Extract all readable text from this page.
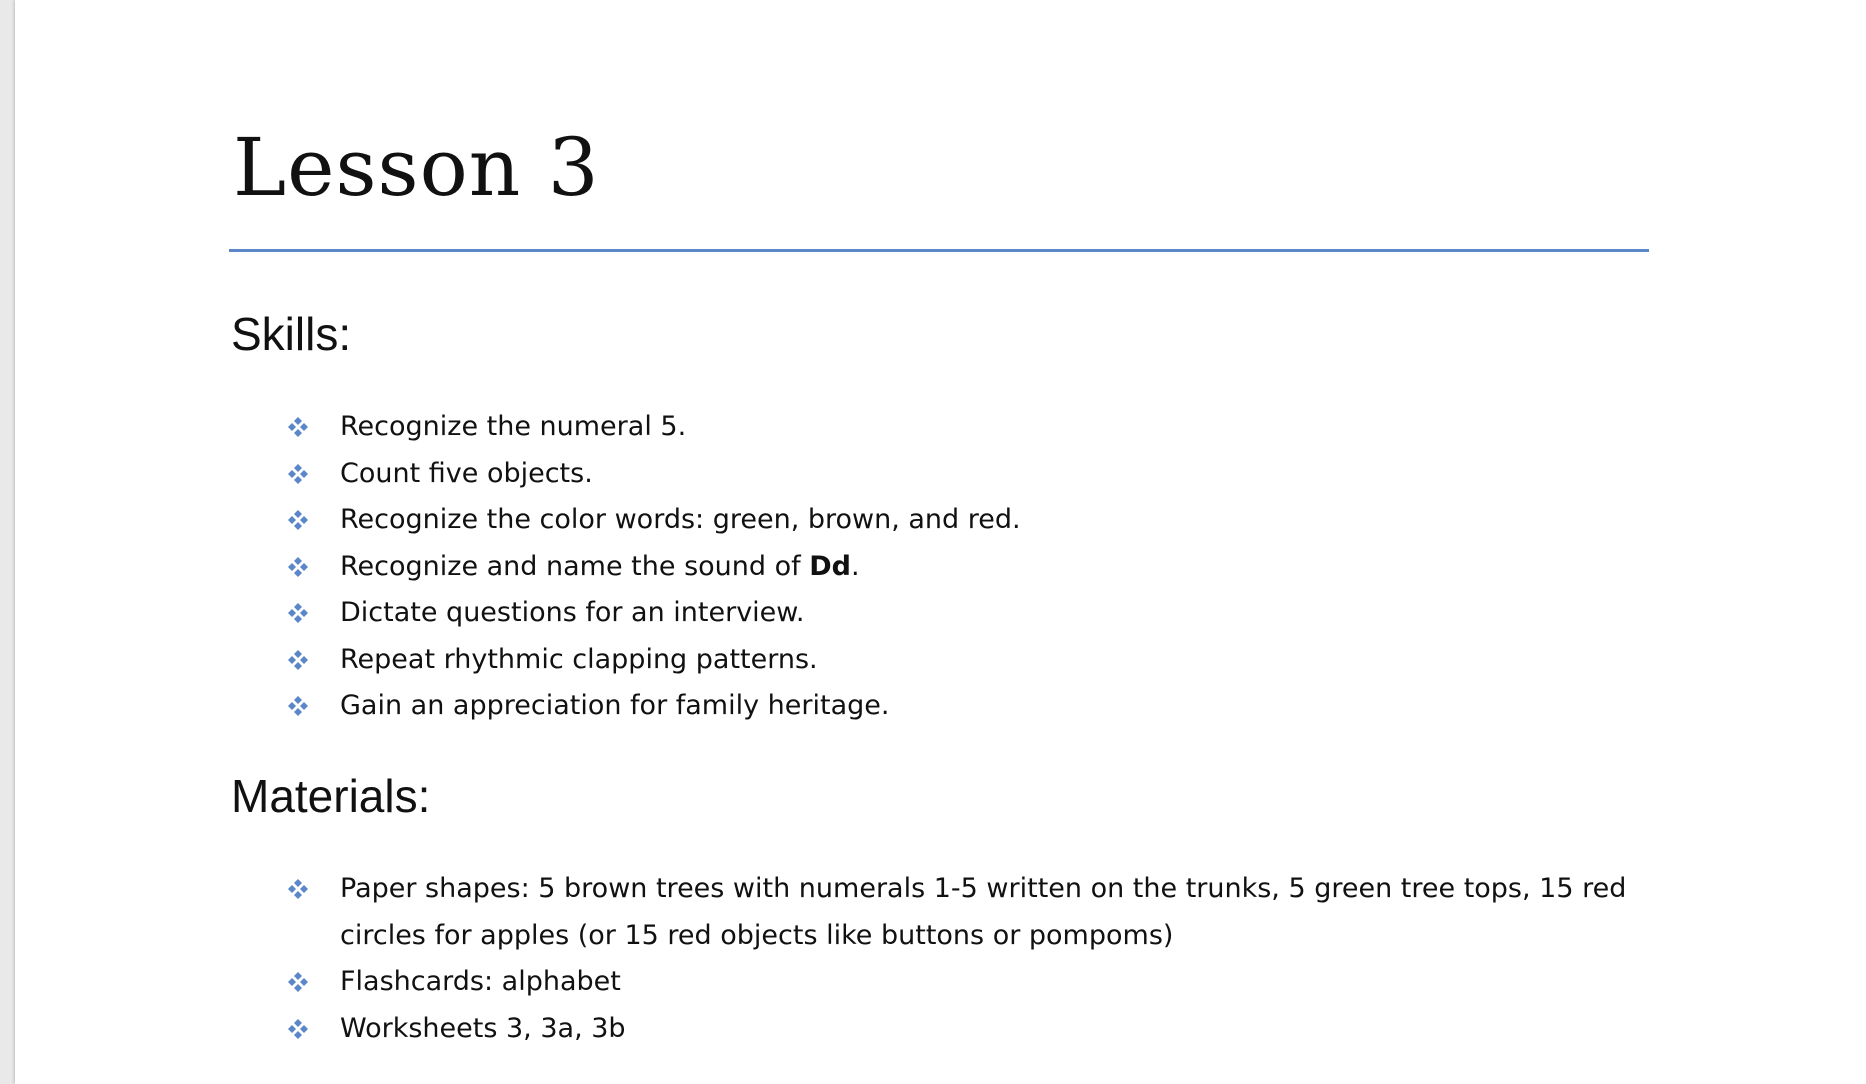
Lesson 3
Skills:
Recognize the numeral 5.
Count five objects.
Recognize the color words: green, brown, and red.
Recognize and name the sound of Dd.
Dictate questions for an interview.
Repeat rhythmic clapping patterns.
Gain an appreciation for family heritage.
Materials:
Paper shapes: 5 brown trees with numerals 1-5 written on the trunks, 5 green tree tops, 15 red circles for apples (or 15 red objects like buttons or pompoms)
Flashcards: alphabet
Worksheets 3, 3a, 3b
